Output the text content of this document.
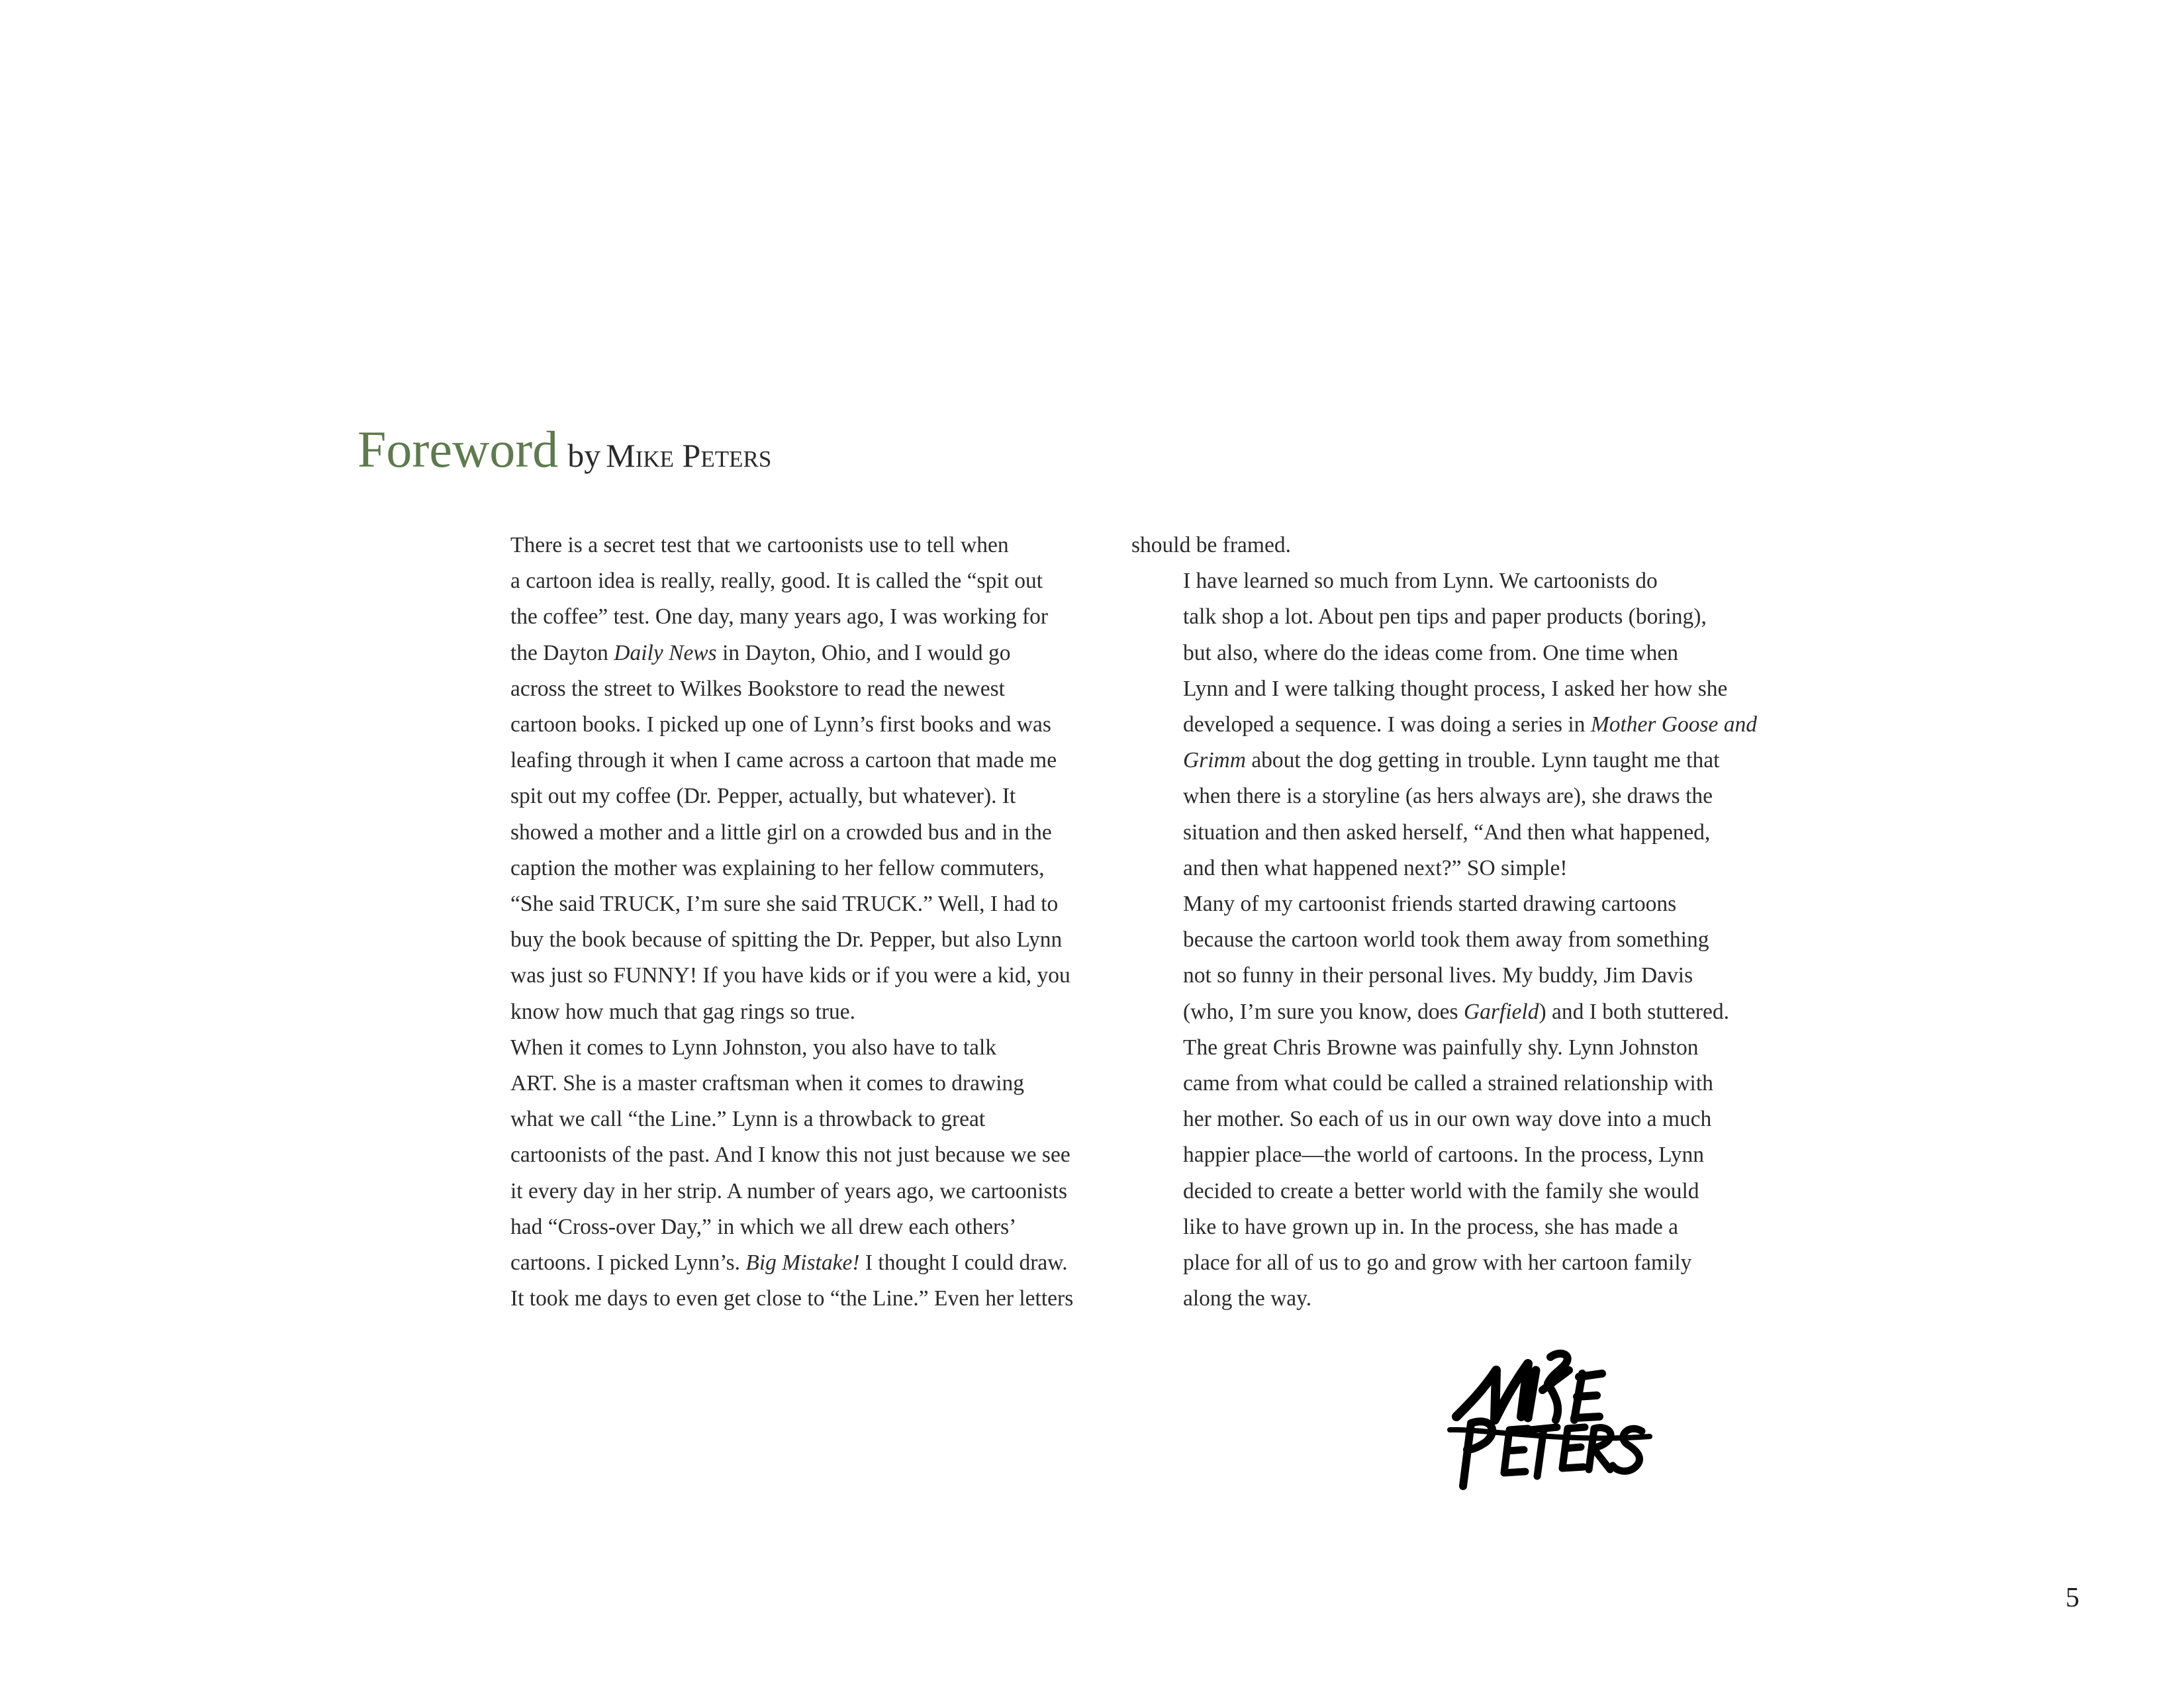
Foreword by Mike Peters

There is a secret test that we cartoonists use to tell when
a cartoon idea is really, really, good. It is called the “spit out
the coffee” test. One day, many years ago, I was working for
the Dayton Daily News in Dayton, Ohio, and I would go
across the street to Wilkes Bookstore to read the newest
cartoon books. I picked up one of Lynn’s first books and was
leafing through it when I came across a cartoon that made me
spit out my coffee (Dr. Pepper, actually, but whatever). It
showed a mother and a little girl on a crowded bus and in the
caption the mother was explaining to her fellow commuters,
“She said TRUCK, I’m sure she said TRUCK.” Well, I had to
buy the book because of spitting the Dr. Pepper, but also Lynn
was just so FUNNY! If you have kids or if you were a kid, you
know how much that gag rings so true.

When it comes to Lynn Johnston, you also have to talk
ART. She is a master craftsman when it comes to drawing
what we call “the Line.” Lynn is a throwback to great
cartoonists of the past. And I know this not just because we see
it every day in her strip. A number of years ago, we cartoonists
had “Cross-over Day,” in which we all drew each others’
cartoons. I picked Lynn’s. Big Mistake! I thought I could draw.
It took me days to even get close to “the Line.” Even her letters

should be framed.

I have learned so much from Lynn. We cartoonists do
talk shop a lot. About pen tips and paper products (boring),
but also, where do the ideas come from. One time when
Lynn and I were talking thought process, I asked her how she
developed a sequence. I was doing a series in Mother Goose and
Grimm about the dog getting in trouble. Lynn taught me that
when there is a storyline (as hers always are), she draws the
situation and then asked herself, “And then what happened,
and then what happened next?” SO simple!

Many of my cartoonist friends started drawing cartoons
because the cartoon world took them away from something
not so funny in their personal lives. My buddy, Jim Davis
(who, I’m sure you know, does Garfield) and I both stuttered.
The great Chris Browne was painfully shy. Lynn Johnston
came from what could be called a strained relationship with
her mother. So each of us in our own way dove into a much
happier place—the world of cartoons. In the process, Lynn
decided to create a better world with the family she would
like to have grown up in. In the process, she has made a
place for all of us to go and grow with her cartoon family
along the way.

5
